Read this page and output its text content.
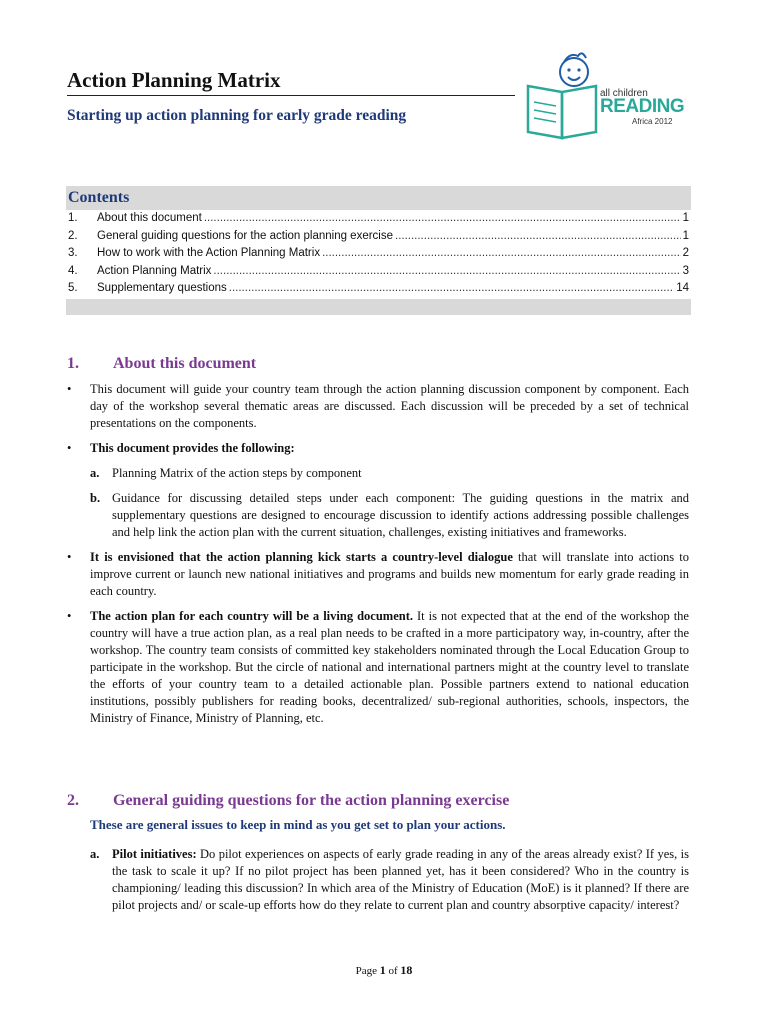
Action Planning Matrix
Starting up action planning for early grade reading
all children
READING
Africa 2012
Contents
1.	About this document .....	1
2.	General guiding questions for the action planning exercise .....	1
3.	How to work with the Action Planning Matrix .....	2
4.	Action Planning Matrix .....	3
5.	Supplementary questions .....	14
1. About this document
• This document will guide your country team through the action planning discussion component by component. Each day of the workshop several thematic areas are discussed. Each discussion will be preceded by a set of technical presentations on the components.
• This document provides the following:
a. Planning Matrix of the action steps by component
b. Guidance for discussing detailed steps under each component: The guiding questions in the matrix and supplementary questions are designed to encourage discussion to identify actions addressing possible challenges and help link the action plan with the current situation, challenges, existing initiatives and frameworks.
• It is envisioned that the action planning kick starts a country-level dialogue that will translate into actions to improve current or launch new national initiatives and programs and builds new momentum for early grade reading in each country.
• The action plan for each country will be a living document. It is not expected that at the end of the workshop the country will have a true action plan, as a real plan needs to be crafted in a more participatory way, in-country, after the workshop. The country team consists of committed key stakeholders nominated through the Local Education Group to participate in the workshop. But the circle of national and international partners might at the country level to translate the efforts of your country team to a detailed actionable plan. Possible partners extend to national education institutions, possibly publishers for reading books, decentralized/ sub-regional authorities, schools, inspectors, the Ministry of Finance, Ministry of Planning, etc.
2. General guiding questions for the action planning exercise
These are general issues to keep in mind as you get set to plan your actions.
a. Pilot initiatives: Do pilot experiences on aspects of early grade reading in any of the areas already exist? If yes, is the task to scale it up? If no pilot project has been planned yet, has it been considered? Who in the country is championing/ leading this discussion? In which area of the Ministry of Education (MoE) is it planned? If there are pilot projects and/ or scale-up efforts how do they relate to current plan and country absorptive capacity/ interest?
Page 1 of 18
